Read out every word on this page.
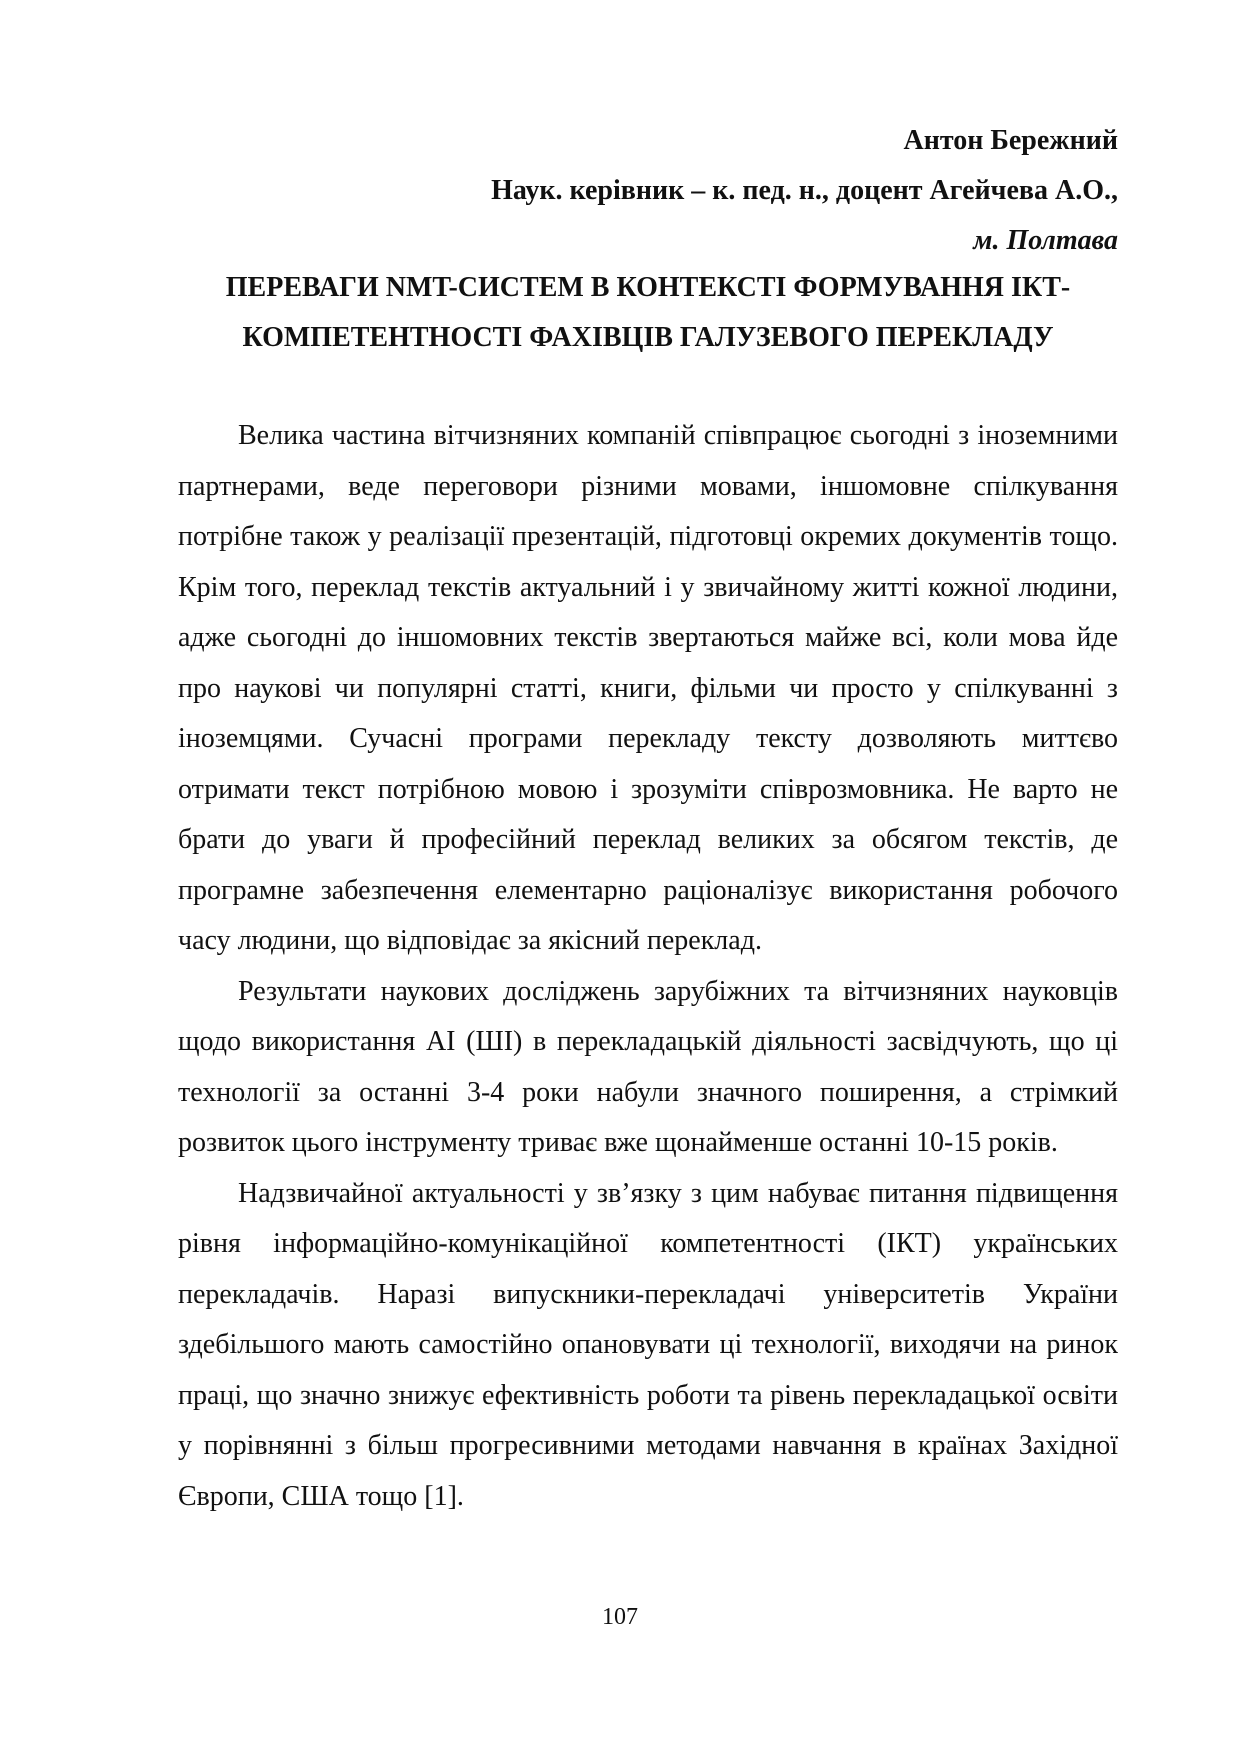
Антон Бережний
Наук. керівник – к. пед. н., доцент Агейчева А.О.,
м. Полтава
ПЕРЕВАГИ NMT-СИСТЕМ В КОНТЕКСТІ ФОРМУВАННЯ ІКТ-
КОМПЕТЕНТНОСТІ ФАХІВЦІВ ГАЛУЗЕВОГО ПЕРЕКЛАДУ

Велика частина вітчизняних компаній співпрацює сьогодні з іноземними партнерами, веде переговори різними мовами, іншомовне спілкування потрібне також у реалізації презентацій, підготовці окремих документів тощо. Крім того, переклад текстів актуальний і у звичайному житті кожної людини, адже сьогодні до іншомовних текстів звертаються майже всі, коли мова йде про наукові чи популярні статті, книги, фільми чи просто у спілкуванні з іноземцями. Сучасні програми перекладу тексту дозволяють миттєво отримати текст потрібною мовою і зрозуміти співрозмовника. Не варто не брати до уваги й професійний переклад великих за обсягом текстів, де програмне забезпечення елементарно раціоналізує використання робочого часу людини, що відповідає за якісний переклад.

Результати наукових досліджень зарубіжних та вітчизняних науковців щодо використання АІ (ШІ) в перекладацькій діяльності засвідчують, що ці технології за останні 3-4 роки набули значного поширення, а стрімкий розвиток цього інструменту триває вже щонайменше останні 10-15 років.

Надзвичайної актуальності у зв’язку з цим набуває питання підвищення рівня інформаційно-комунікаційної компетентності (ІКТ) українських перекладачів. Наразі випускники-перекладачі університетів України здебільшого мають самостійно опановувати ці технології, виходячи на ринок праці, що значно знижує ефективність роботи та рівень перекладацької освіти у порівнянні з більш прогресивними методами навчання в країнах Західної Європи, США тощо [1].

107
